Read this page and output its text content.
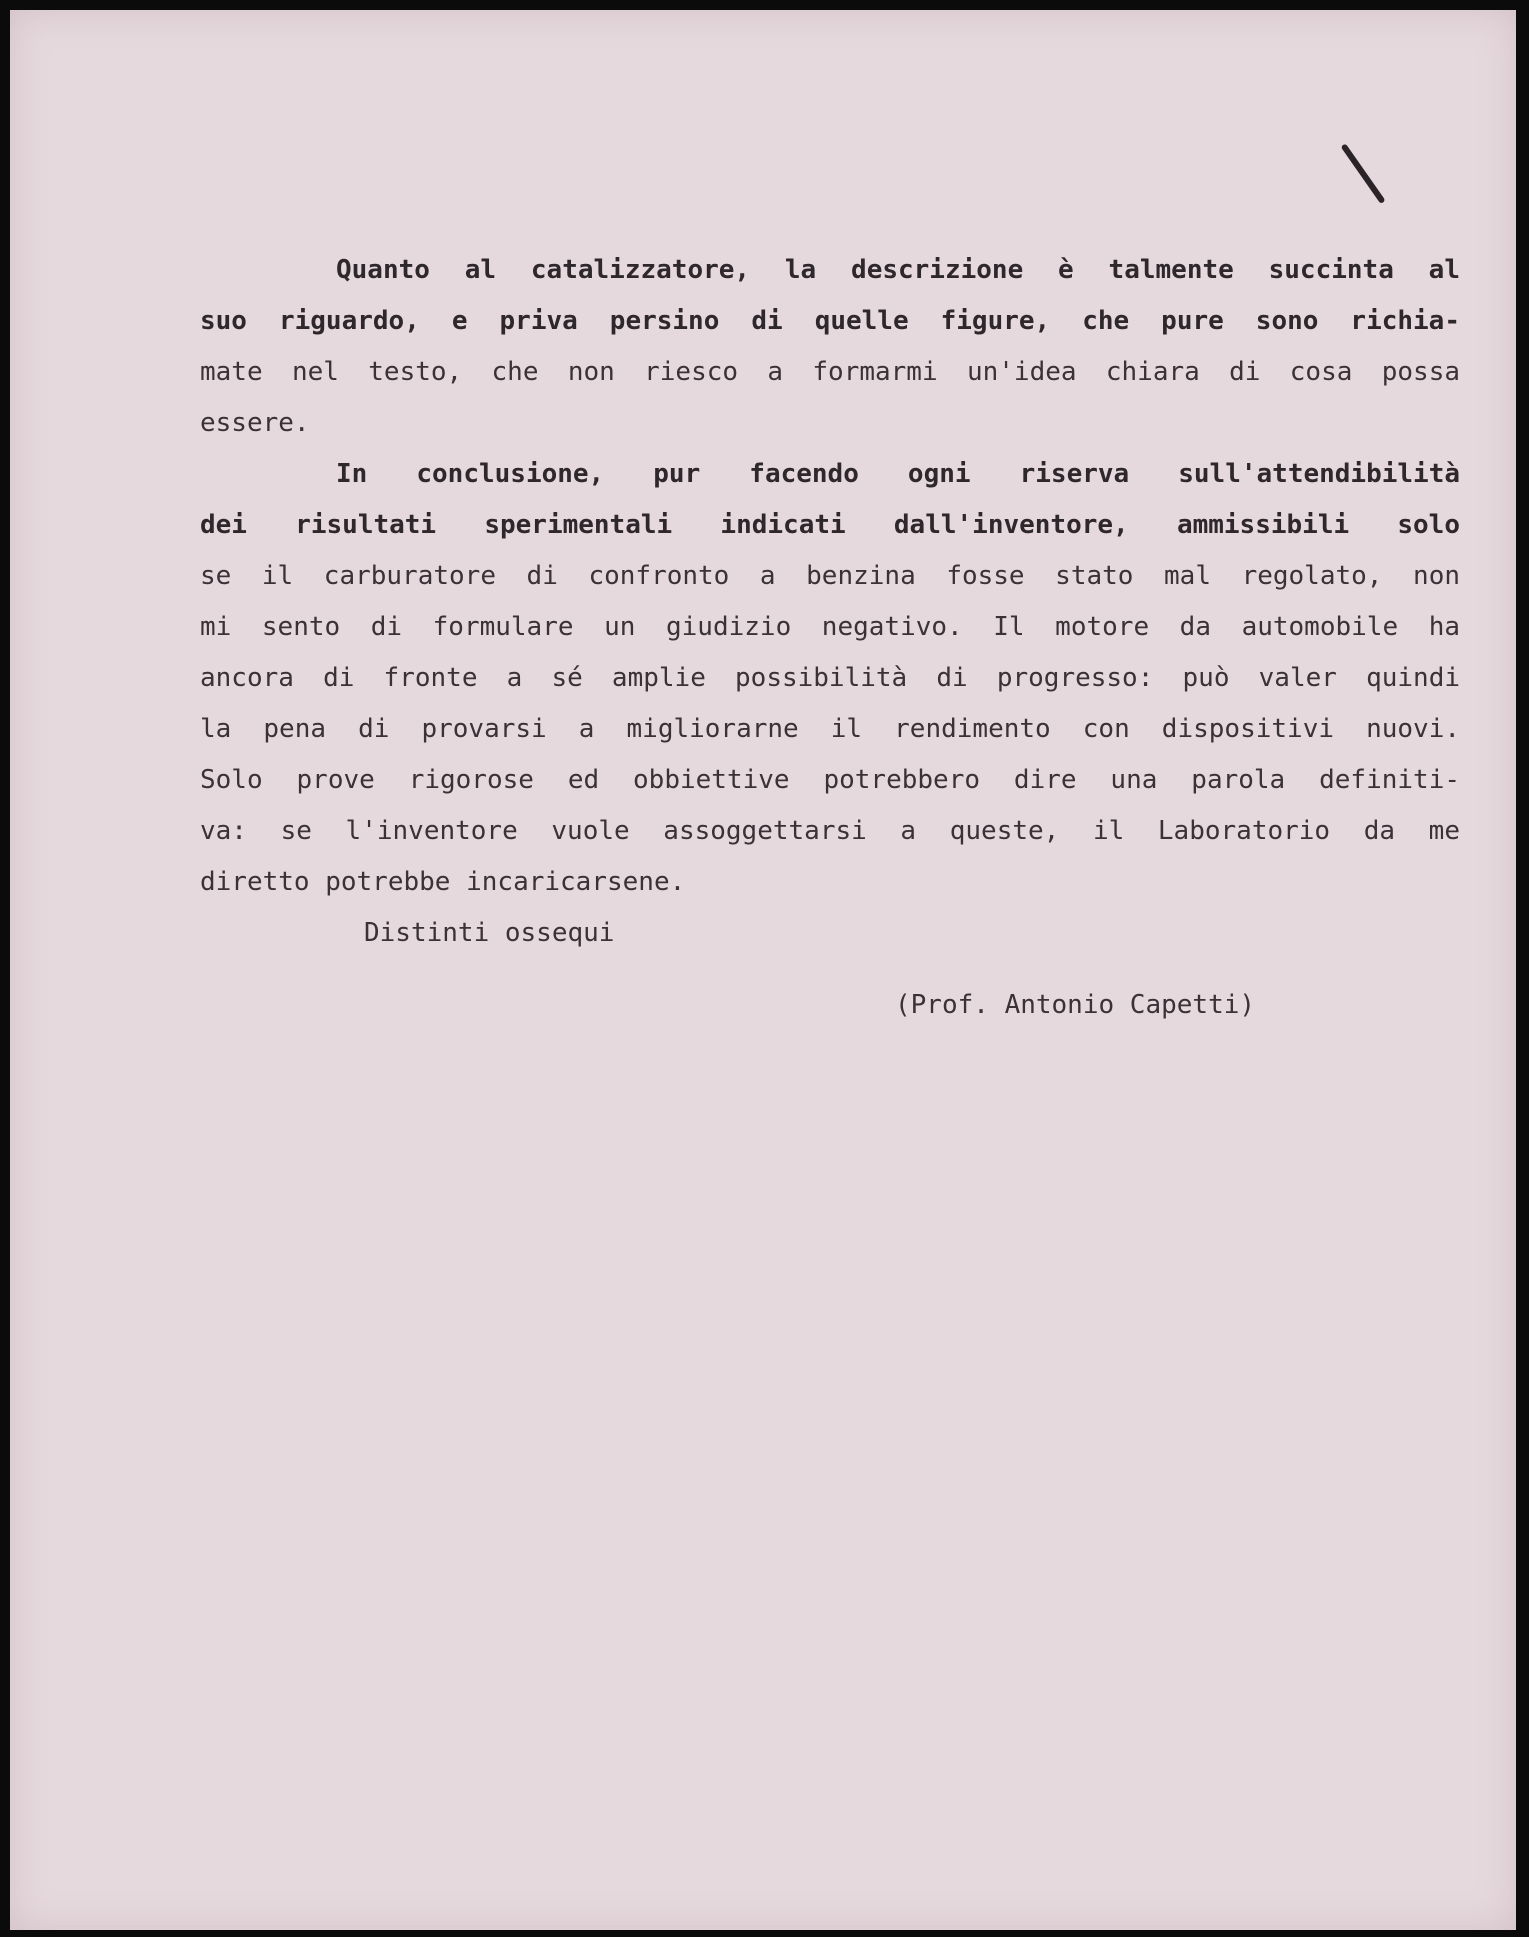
Quanto al catalizzatore, la descrizione è talmente succinta al

suo riguardo, e priva persino di quelle figure, che pure sono richia-

mate nel testo, che non riesco a formarmi un'idea chiara di cosa possa

essere.

In conclusione, pur facendo ogni riserva sull'attendibilità

dei risultati sperimentali indicati dall'inventore, ammissibili solo

se il carburatore di confronto a benzina fosse stato mal regolato, non

mi sento di formulare un giudizio negativo. Il motore da automobile ha

ancora di fronte a sé amplie possibilità di progresso: può valer quindi

la pena di provarsi a migliorarne il rendimento con dispositivi nuovi.

Solo prove rigorose ed obbiettive potrebbero dire una parola definiti-

va: se l'inventore vuole assoggettarsi a queste, il Laboratorio da me

diretto potrebbe incaricarsene.

Distinti ossequi

(Prof. Antonio Capetti)
